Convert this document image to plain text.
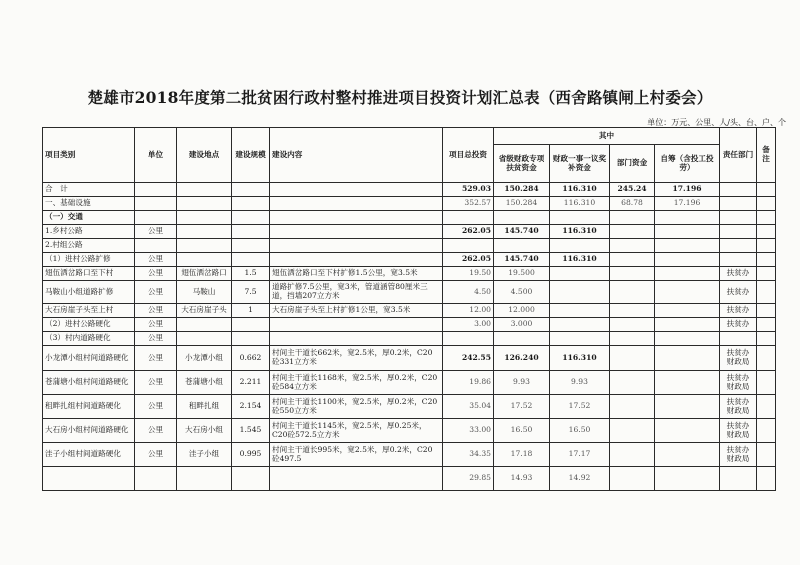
楚雄市2018年度第二批贫困行政村整村推进项目投资计划汇总表（西舍路镇闸上村委会）
单位：万元、公里、人/头、台、户、个
项目类别	单位	建设地点	建设规模	建设内容	项目总投资	其中				责任部门	备注
						省级财政专项扶贫资金	财政一事一议奖补资金	部门资金	自筹（含投工投劳）		
合　计					529.03	150.284	116.310	245.24	17.196		
一、基础设施					352.57	150.284	116.310	68.78	17.196		
（一）交通											
1.乡村公路	公里				262.05	145.740	116.310				
2.村组公路											
（1）进村公路扩修	公里				262.05	145.740	116.310				
翅伍洒岔路口至下村	公里	翅伍洒岔路口	1.5	翅伍洒岔路口至下村扩修1.5公里，宽3.5米	19.50	19.500				扶贫办	
马鞍山小组道路扩修	公里	马鞍山	7.5	道路扩修7.5公里，宽3米，管道涵管80厘米三道，挡墙207立方米	4.50	4.500				扶贫办	
大石房崖子头至上村	公里	大石房崖子头	1	大石房崖子头至上村扩修1公里，宽3.5米	12.00	12.000				扶贫办	
（2）进村公路硬化	公里				3.00	3.000				扶贫办	
（3）村内道路硬化	公里										
小龙潭小组村间道路硬化	公里	小龙潭小组	0.662	村间主干道长662米，宽2.5米，厚0.2米，C20砼331立方米	242.55	126.240	116.310			扶贫办 财政局	
苍蒲塘小组村间道路硬化	公里	苍蒲塘小组	2.211	村间主干道长1168米，宽2.5米，厚0.2米，C20砼584立方米	19.86	9.93	9.93			扶贫办 财政局	
租畔扎组村间道路硬化	公里	租畔扎组	2.154	村间主干道长1100米，宽2.5米，厚0.2米，C20砼550立方米	35.04	17.52	17.52			扶贫办 财政局	
大石房小组村间道路硬化	公里	大石房小组	1.545	村间主干道长1145米，宽2.5米，厚0.25米，C20砼572.5立方米	33.00	16.50	16.50			扶贫办 财政局	
洼子小组村间道路硬化	公里	洼子小组	0.995	村间主干道长995米，宽2.5米，厚0.2米，C20砼497.5	34.35	17.18	17.17			扶贫办 财政局	
					29.85	14.93	14.92				
